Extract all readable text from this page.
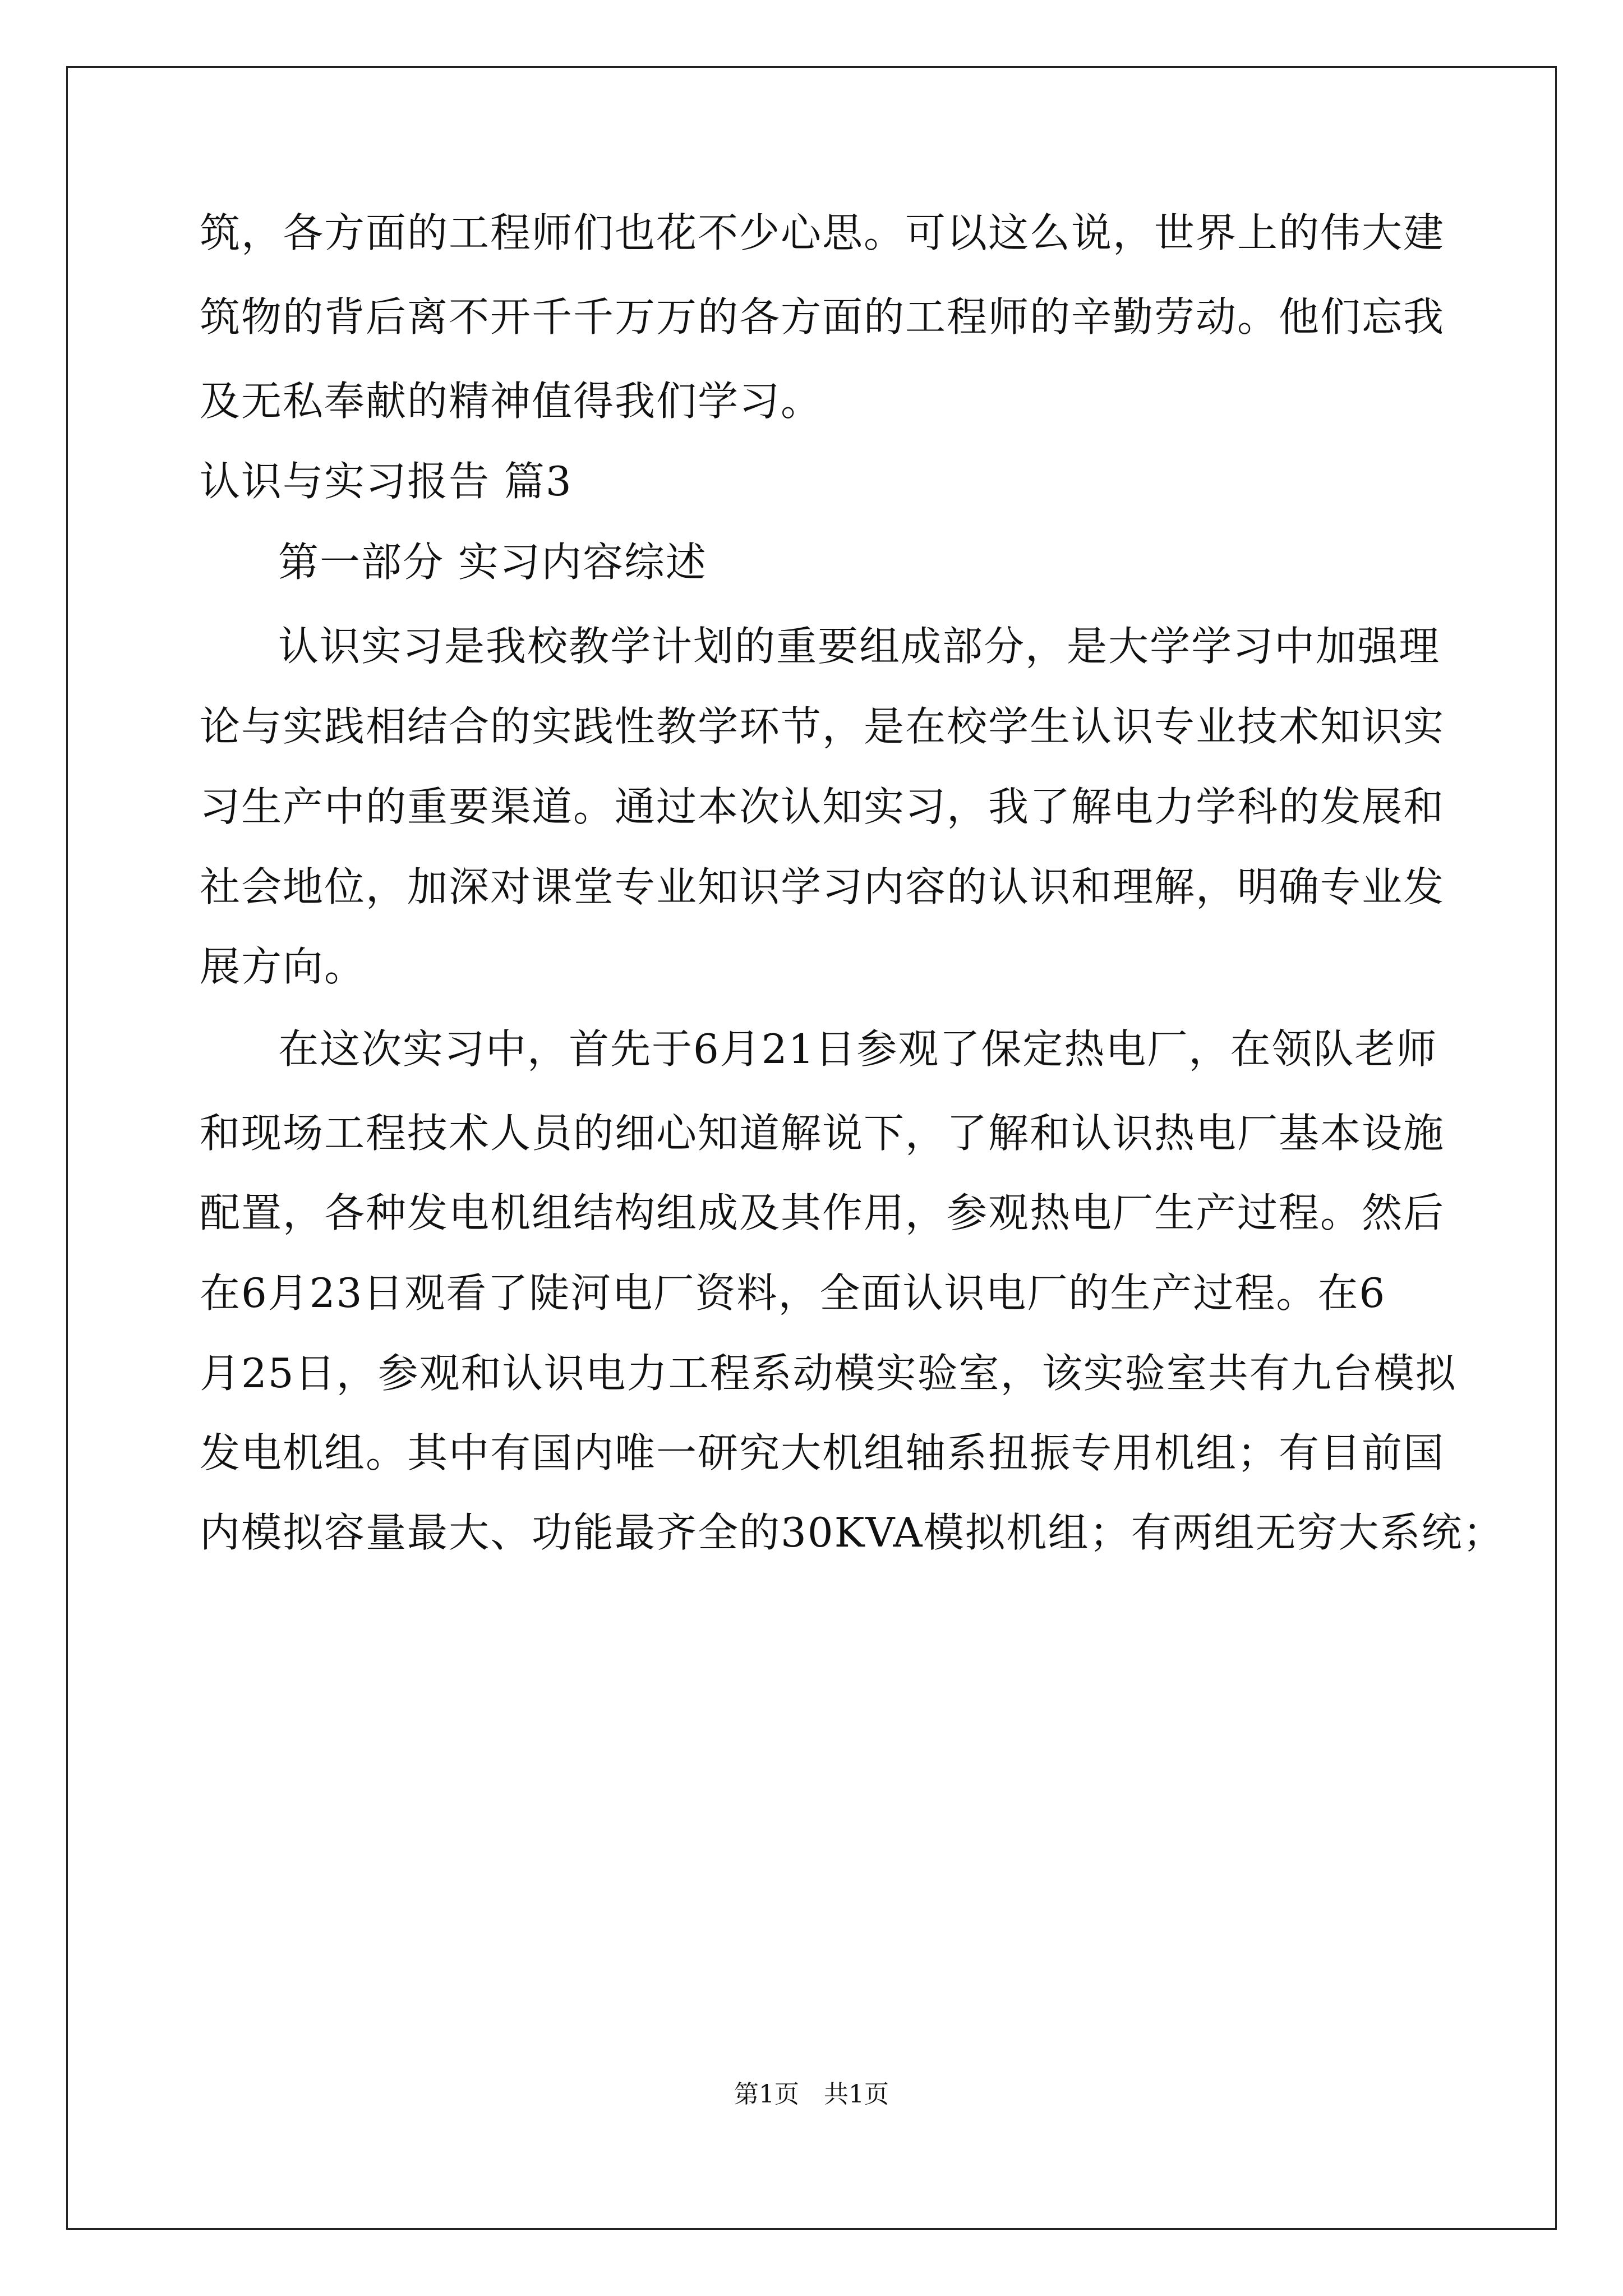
筑，各方面的工程师们也花不少心思。可以这么说，世界上的伟大建
筑物的背后离不开千千万万的各方面的工程师的辛勤劳动。他们忘我
及无私奉献的精神值得我们学习。
认识与实习报告 篇3
第一部分 实习内容综述
认识实习是我校教学计划的重要组成部分，是大学学习中加强理
论与实践相结合的实践性教学环节，是在校学生认识专业技术知识实
习生产中的重要渠道。通过本次认知实习，我了解电力学科的发展和
社会地位，加深对课堂专业知识学习内容的认识和理解，明确专业发
展方向。
在这次实习中，首先于6月21日参观了保定热电厂，在领队老师
和现场工程技术人员的细心知道解说下，了解和认识热电厂基本设施
配置，各种发电机组结构组成及其作用，参观热电厂生产过程。然后
在6月23日观看了陡河电厂资料，全面认识电厂的生产过程。在6
月25日，参观和认识电力工程系动模实验室，该实验室共有九台模拟
发电机组。其中有国内唯一研究大机组轴系扭振专用机组；有目前国
内模拟容量最大、功能最齐全的30KVA模拟机组；有两组无穷大系统；
第1页　共1页
